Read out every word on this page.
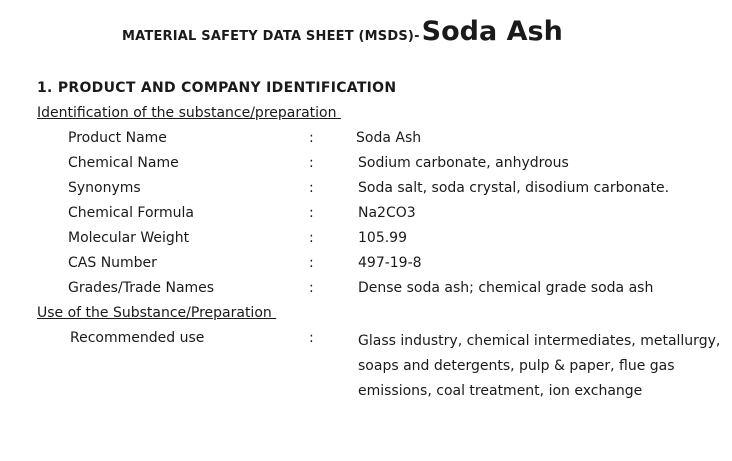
MATERIAL SAFETY DATA SHEET (MSDS)-Soda Ash
1. PRODUCT AND COMPANY IDENTIFICATION
Identification of the substance/preparation
Product Name	:	Soda Ash
Chemical Name	:	Sodium carbonate, anhydrous
Synonyms	:	Soda salt, soda crystal, disodium carbonate.
Chemical Formula	:	Na2CO3
Molecular Weight	:	105.99
CAS Number	:	497-19-8
Grades/Trade Names	:	Dense soda ash; chemical grade soda ash
Use of the Substance/Preparation
Recommended use	:	Glass industry, chemical intermediates, metallurgy,
soaps and detergents, pulp & paper, flue gas
emissions, coal treatment, ion exchange
